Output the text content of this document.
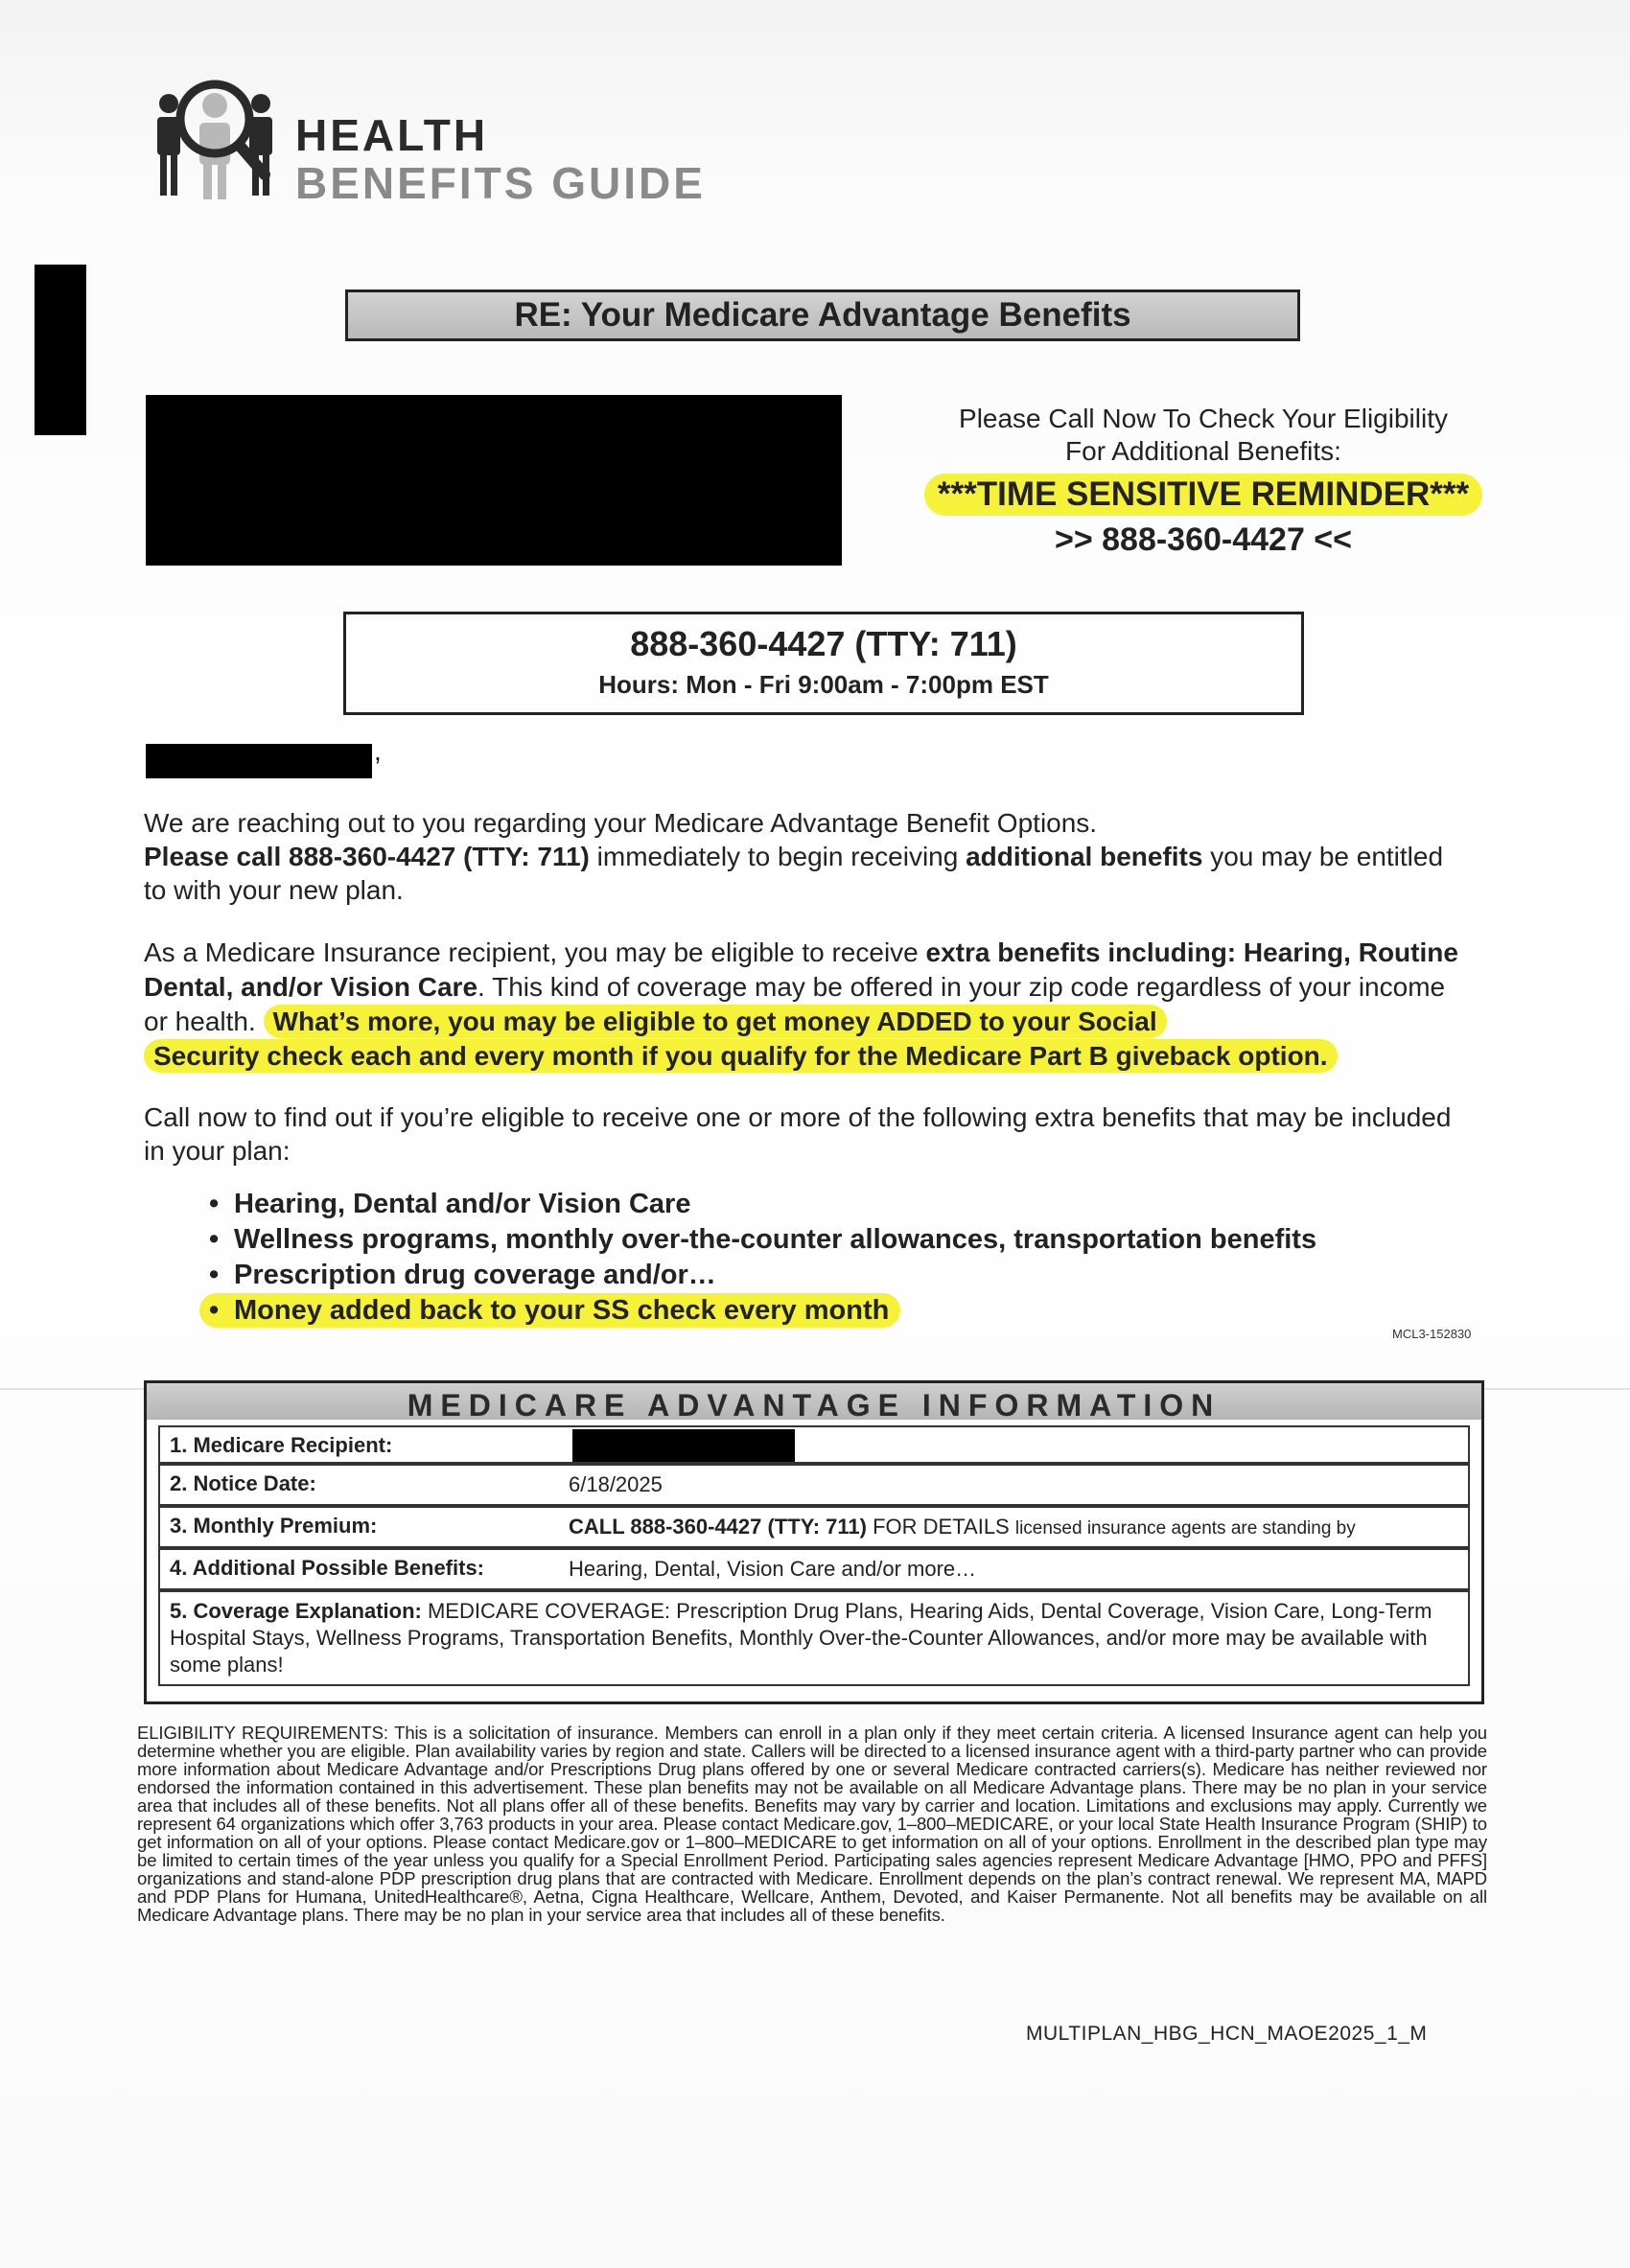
HEALTH
BENEFITS GUIDE
RE: Your Medicare Advantage Benefits
Please Call Now To Check Your Eligibility
For Additional Benefits:
***TIME SENSITIVE REMINDER***
>> 888-360-4427 <<
888-360-4427 (TTY: 711)
Hours: Mon - Fri 9:00am - 7:00pm EST
,

We are reaching out to you regarding your Medicare Advantage Benefit Options.

Please call 888-360-4427 (TTY: 711) immediately to begin receiving additional benefits you may be entitled to with your new plan.

As a Medicare Insurance recipient, you may be eligible to receive extra benefits including: Hearing, Routine Dental, and/or Vision Care. This kind of coverage may be offered in your zip code regardless of your income or health. What’s more, you may be eligible to get money ADDED to your Social
Security check each and every month if you qualify for the Medicare Part B giveback option.

Call now to find out if you’re eligible to receive one or more of the following extra benefits that may be included in your plan:

• Hearing, Dental and/or Vision Care
• Wellness programs, monthly over-the-counter allowances, transportation benefits
• Prescription drug coverage and/or…
• Money added back to your SS check every month
MCL3-152830
MEDICARE ADVANTAGE INFORMATION
1. Medicare Recipient:
2. Notice Date:	6/18/2025
3. Monthly Premium:	CALL 888-360-4427 (TTY: 711) FOR DETAILS licensed insurance agents are standing by
4. Additional Possible Benefits:	Hearing, Dental, Vision Care and/or more…
5. Coverage Explanation: MEDICARE COVERAGE: Prescription Drug Plans, Hearing Aids, Dental Coverage, Vision Care, Long-Term Hospital Stays, Wellness Programs, Transportation Benefits, Monthly Over-the-Counter Allowances, and/or more may be available with some plans!
ELIGIBILITY REQUIREMENTS: This is a solicitation of insurance. Members can enroll in a plan only if they meet certain criteria. A licensed Insurance agent can help you determine whether you are eligible. Plan availability varies by region and state. Callers will be directed to a licensed insurance agent with a third-party partner who can provide more information about Medicare Advantage and/or Prescriptions Drug plans offered by one or several Medicare contracted carriers(s). Medicare has neither reviewed nor endorsed the information contained in this advertisement. These plan benefits may not be available on all Medicare Advantage plans. There may be no plan in your service area that includes all of these benefits. Not all plans offer all of these benefits. Benefits may vary by carrier and location. Limitations and exclusions may apply. Currently we represent 64 organizations which offer 3,763 products in your area. Please contact Medicare.gov, 1–800–MEDICARE, or your local State Health Insurance Program (SHIP) to get information on all of your options. Please contact Medicare.gov or 1–800–MEDICARE to get information on all of your options. Enrollment in the described plan type may be limited to certain times of the year unless you qualify for a Special Enrollment Period. Participating sales agencies represent Medicare Advantage [HMO, PPO and PFFS] organizations and stand-alone PDP prescription drug plans that are contracted with Medicare. Enrollment depends on the plan’s contract renewal. We represent MA, MAPD and PDP Plans for Humana, UnitedHealthcare®, Aetna, Cigna Healthcare, Wellcare, Anthem, Devoted, and Kaiser Permanente. Not all benefits may be available on all Medicare Advantage plans. There may be no plan in your service area that includes all of these benefits.
MULTIPLAN_HBG_HCN_MAOE2025_1_M
